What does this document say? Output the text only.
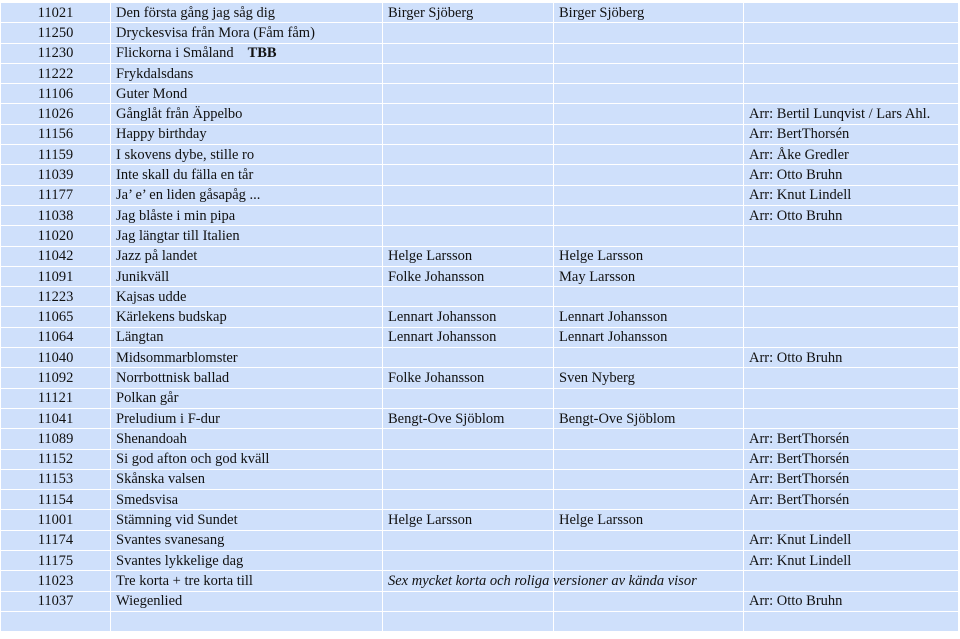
11021	Den första gång jag såg dig	Birger Sjöberg	Birger Sjöberg	
11250	Dryckesvisa från Mora (Fåm fåm)			
11230	Flickorna i Småland TBB			
11222	Frykdalsdans			
11106	Guter Mond			
11026	Gånglåt från Äppelbo			Arr: Bertil Lunqvist / Lars Ahl.
11156	Happy birthday			Arr: BertThorsén
11159	I skovens dybe, stille ro			Arr: Åke Gredler
11039	Inte skall du fälla en tår			Arr: Otto Bruhn
11177	Ja’ e’ en liden gåsapåg ...			Arr: Knut Lindell
11038	Jag blåste i min pipa			Arr: Otto Bruhn
11020	Jag längtar till Italien			
11042	Jazz på landet	Helge Larsson	Helge Larsson	
11091	Junikväll	Folke Johansson	May Larsson	
11223	Kajsas udde			
11065	Kärlekens budskap	Lennart Johansson	Lennart Johansson	
11064	Längtan	Lennart Johansson	Lennart Johansson	
11040	Midsommarblomster			Arr: Otto Bruhn
11092	Norrbottnisk ballad	Folke Johansson	Sven Nyberg	
11121	Polkan går			
11041	Preludium i F-dur	Bengt-Ove Sjöblom	Bengt-Ove Sjöblom	
11089	Shenandoah			Arr: BertThorsén
11152	Si god afton och god kväll			Arr: BertThorsén
11153	Skånska valsen			Arr: BertThorsén
11154	Smedsvisa			Arr: BertThorsén
11001	Stämning vid Sundet	Helge Larsson	Helge Larsson	
11174	Svantes svanesang			Arr: Knut Lindell
11175	Svantes lykkelige dag			Arr: Knut Lindell
11023	Tre korta + tre korta till	Sex mycket korta och roliga versioner av kända visor		
11037	Wiegenlied			Arr: Otto Bruhn
